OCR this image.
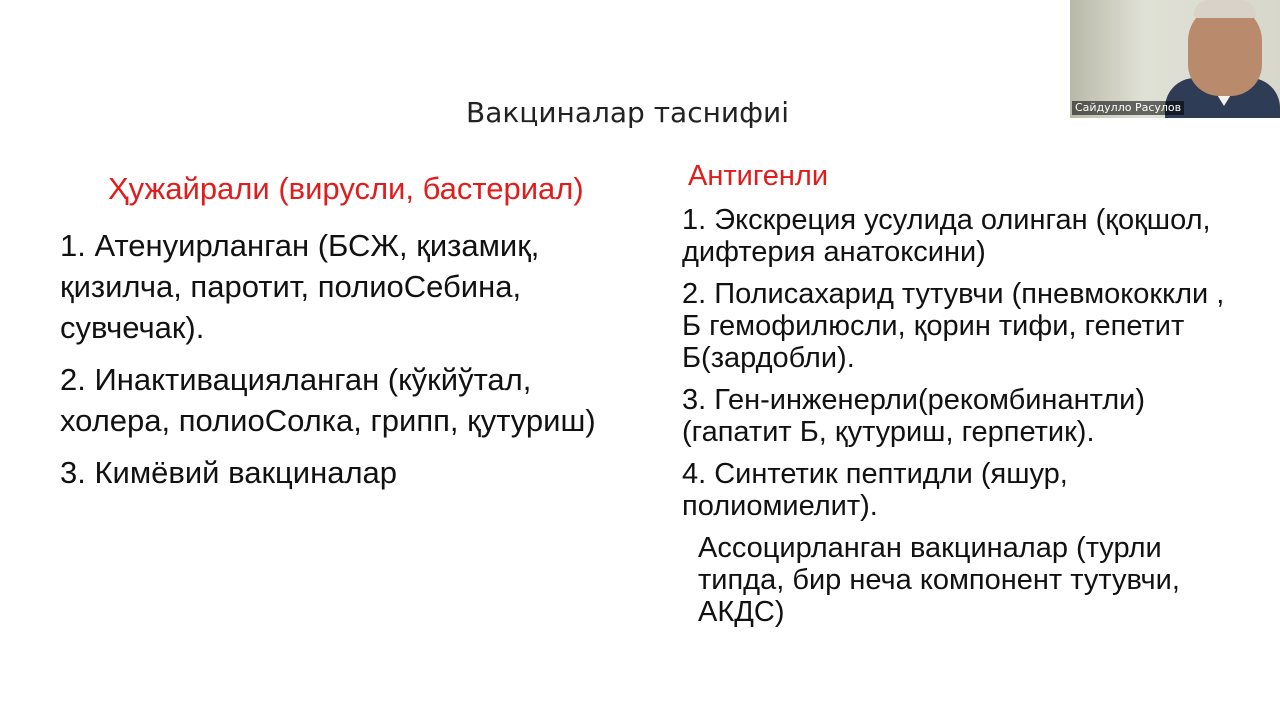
Вакциналар таснифиі
Ҳужайрали (вирусли, бастериал)
1. Атенуирланган (БСЖ, қизамиқ, қизилча, паротит, полиоСебина, сувчечак).
2. Инактивацияланган (кўкйўтал, холера, полиоСолка, грипп, қутуриш)
3. Кимёвий вакциналар
Антигенли
1. Экскреция усулида олинган (қоқшол, дифтерия анатоксини)
2. Полисахарид тутувчи (пневмококкли , Б гемофилюсли, қорин тифи, гепетит Б(зардобли).
3. Ген-инженерли(рекомбинантли) (гапатит Б, қутуриш, герпетик).
4. Синтетик пептидли (яшур, полиомиелит).
Ассоцирланган вакциналар (турли типда, бир неча компонент тутувчи, АКДС)
Сайдулло Расулов
